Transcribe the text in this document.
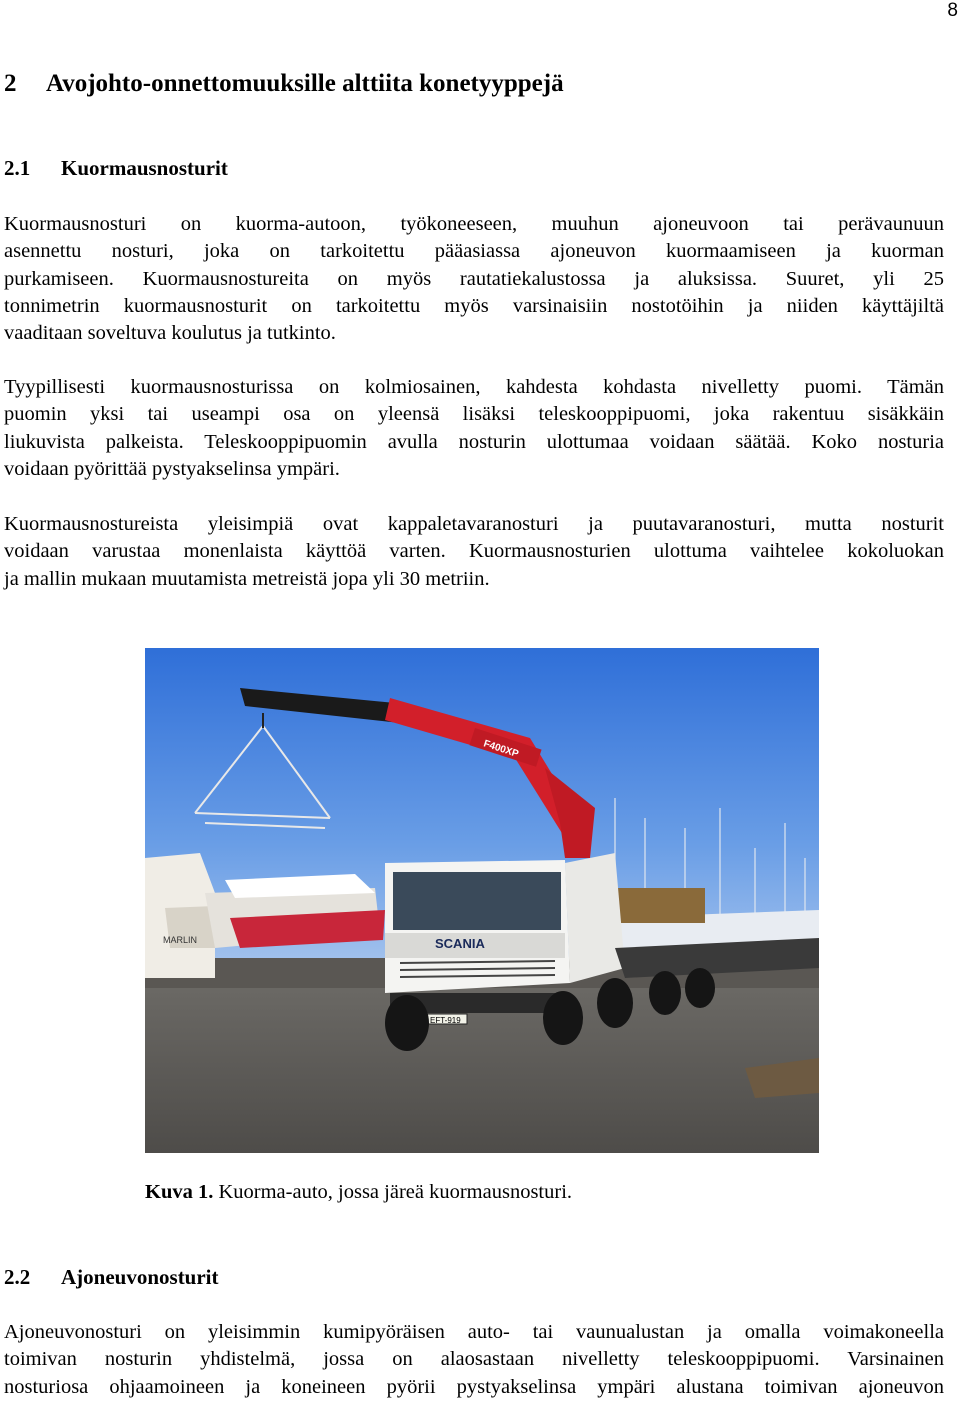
8
2 Avojohto-onnettomuuksille alttiita konetyyppejä
2.1 Kuormausnosturit
Kuormausnosturi on kuorma-autoon, työkoneeseen, muuhun ajoneuvoon tai perävaunuun
asennettu nosturi, joka on tarkoitettu pääasiassa ajoneuvon kuormaamiseen ja kuorman
purkamiseen. Kuormausnostureita on myös rautatiekalustossa ja aluksissa. Suuret, yli 25
tonnimetrin kuormausnosturit on tarkoitettu myös varsinaisiin nostotöihin ja niiden käyttäjiltä
vaaditaan soveltuva koulutus ja tutkinto.
Tyypillisesti kuormausnosturissa on kolmiosainen, kahdesta kohdasta nivelletty puomi. Tämän
puomin yksi tai useampi osa on yleensä lisäksi teleskooppipuomi, joka rakentuu sisäkkäin
liukuvista palkeista. Teleskooppipuomin avulla nosturin ulottumaa voidaan säätää. Koko nosturia
voidaan pyörittää pystyakselinsa ympäri.
Kuormausnostureista yleisimpiä ovat kappaletavaranosturi ja puutavaranosturi, mutta nosturit
voidaan varustaa monenlaista käyttöä varten. Kuormausnosturien ulottuma vaihtelee kokoluokan
ja mallin mukaan muutamista metreistä jopa yli 30 metriin.
MARLIN
F400XP
SCANIA
EFT-919
Kuva 1. Kuorma-auto, jossa järeä kuormausnosturi.
2.2 Ajoneuvonosturit
Ajoneuvonosturi on yleisimmin kumipyöräisen auto- tai vaunualustan ja omalla voimakoneella
toimivan nosturin yhdistelmä, jossa on alaosastaan nivelletty teleskooppipuomi. Varsinainen
nosturiosa ohjaamoineen ja koneineen pyörii pystyakselinsa ympäri alustana toimivan ajoneuvon
